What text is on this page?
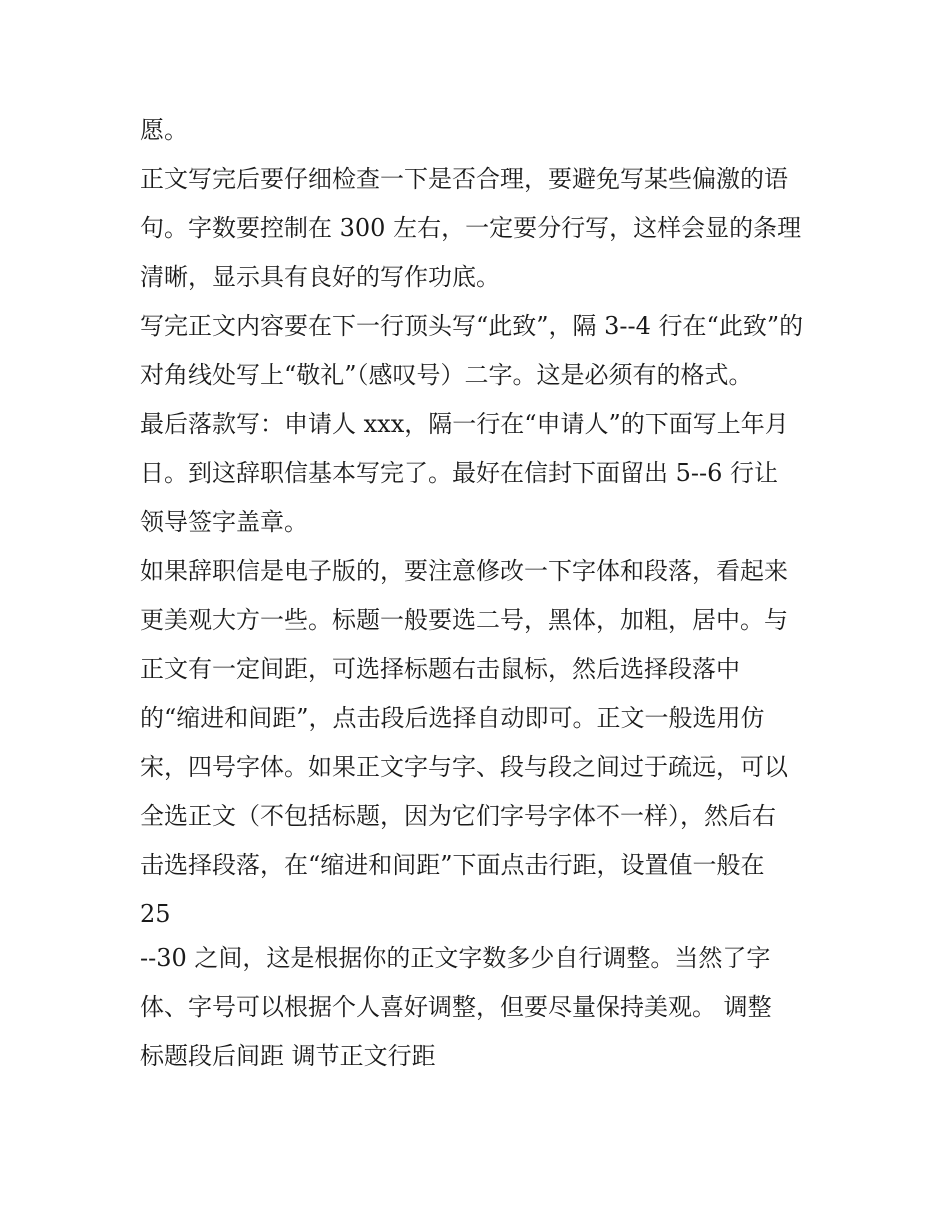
愿。
正文写完后要仔细检查一下是否合理，要避免写某些偏激的语
句。字数要控制在 300 左右，一定要分行写，这样会显的条理
清晰，显示具有良好的写作功底。
写完正文内容要在下一行顶头写“此致”，隔 3--4 行在“此致”的
对角线处写上“敬礼”（感叹号）二字。这是必须有的格式。
最后落款写：申请人 xxx，隔一行在“申请人”的下面写上年月
日。到这辞职信基本写完了。最好在信封下面留出 5--6 行让
领导签字盖章。
如果辞职信是电子版的，要注意修改一下字体和段落，看起来
更美观大方一些。标题一般要选二号，黑体，加粗，居中。与
正文有一定间距，可选择标题右击鼠标，然后选择段落中
的“缩进和间距”，点击段后选择自动即可。正文一般选用仿
宋，四号字体。如果正文字与字、段与段之间过于疏远，可以
全选正文（不包括标题，因为它们字号字体不一样），然后右
击选择段落，在“缩进和间距”下面点击行距，设置值一般在
25
--30 之间，这是根据你的正文字数多少自行调整。当然了字
体、字号可以根据个人喜好调整，但要尽量保持美观。 调整
标题段后间距 调节正文行距
